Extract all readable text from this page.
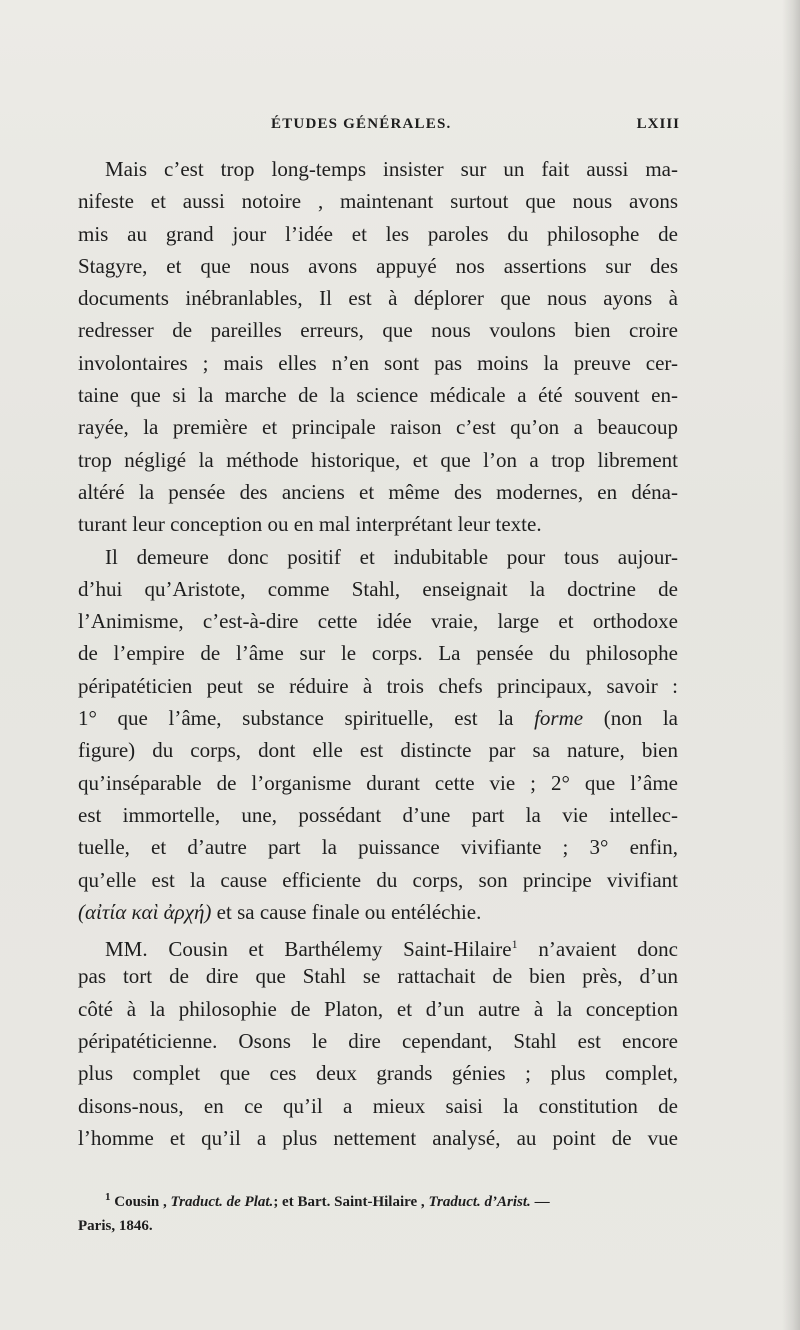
ÉTUDES GÉNÉRALES.	LXIII
Mais c’est trop long-temps insister sur un fait aussi ma-
nifeste et aussi notoire , maintenant surtout que nous avons
mis au grand jour l’idée et les paroles du philosophe de
Stagyre, et que nous avons appuyé nos assertions sur des
documents inébranlables, Il est à déplorer que nous ayons à
redresser de pareilles erreurs, que nous voulons bien croire
involontaires ; mais elles n’en sont pas moins la preuve cer-
taine que si la marche de la science médicale a été souvent en-
rayée, la première et principale raison c’est qu’on a beaucoup
trop négligé la méthode historique, et que l’on a trop librement
altéré la pensée des anciens et même des modernes, en déna-
turant leur conception ou en mal interprétant leur texte.
Il demeure donc positif et indubitable pour tous aujour-
d’hui qu’Aristote, comme Stahl, enseignait la doctrine de
l’Animisme, c’est-à-dire cette idée vraie, large et orthodoxe
de l’empire de l’âme sur le corps. La pensée du philosophe
péripatéticien peut se réduire à trois chefs principaux, savoir :
1° que l’âme, substance spirituelle, est la forme (non la
figure) du corps, dont elle est distincte par sa nature, bien
qu’inséparable de l’organisme durant cette vie ; 2° que l’âme
est immortelle, une, possédant d’une part la vie intellec-
tuelle, et d’autre part la puissance vivifiante ; 3° enfin,
qu’elle est la cause efficiente du corps, son principe vivifiant
(αἰτία καὶ ἀρχή) et sa cause finale ou entéléchie.
MM. Cousin et Barthélemy Saint-Hilaire$^1$ n’avaient donc
pas tort de dire que Stahl se rattachait de bien près, d’un
côté à la philosophie de Platon, et d’un autre à la conception
péripatéticienne. Osons le dire cependant, Stahl est encore
plus complet que ces deux grands génies ; plus complet,
disons-nous, en ce qu’il a mieux saisi la constitution de
l’homme et qu’il a plus nettement analysé, au point de vue
$^1$ Cousin , Traduct. de Plat.; et Bart. Saint-Hilaire , Traduct. d’Arist. —
Paris, 1846.
